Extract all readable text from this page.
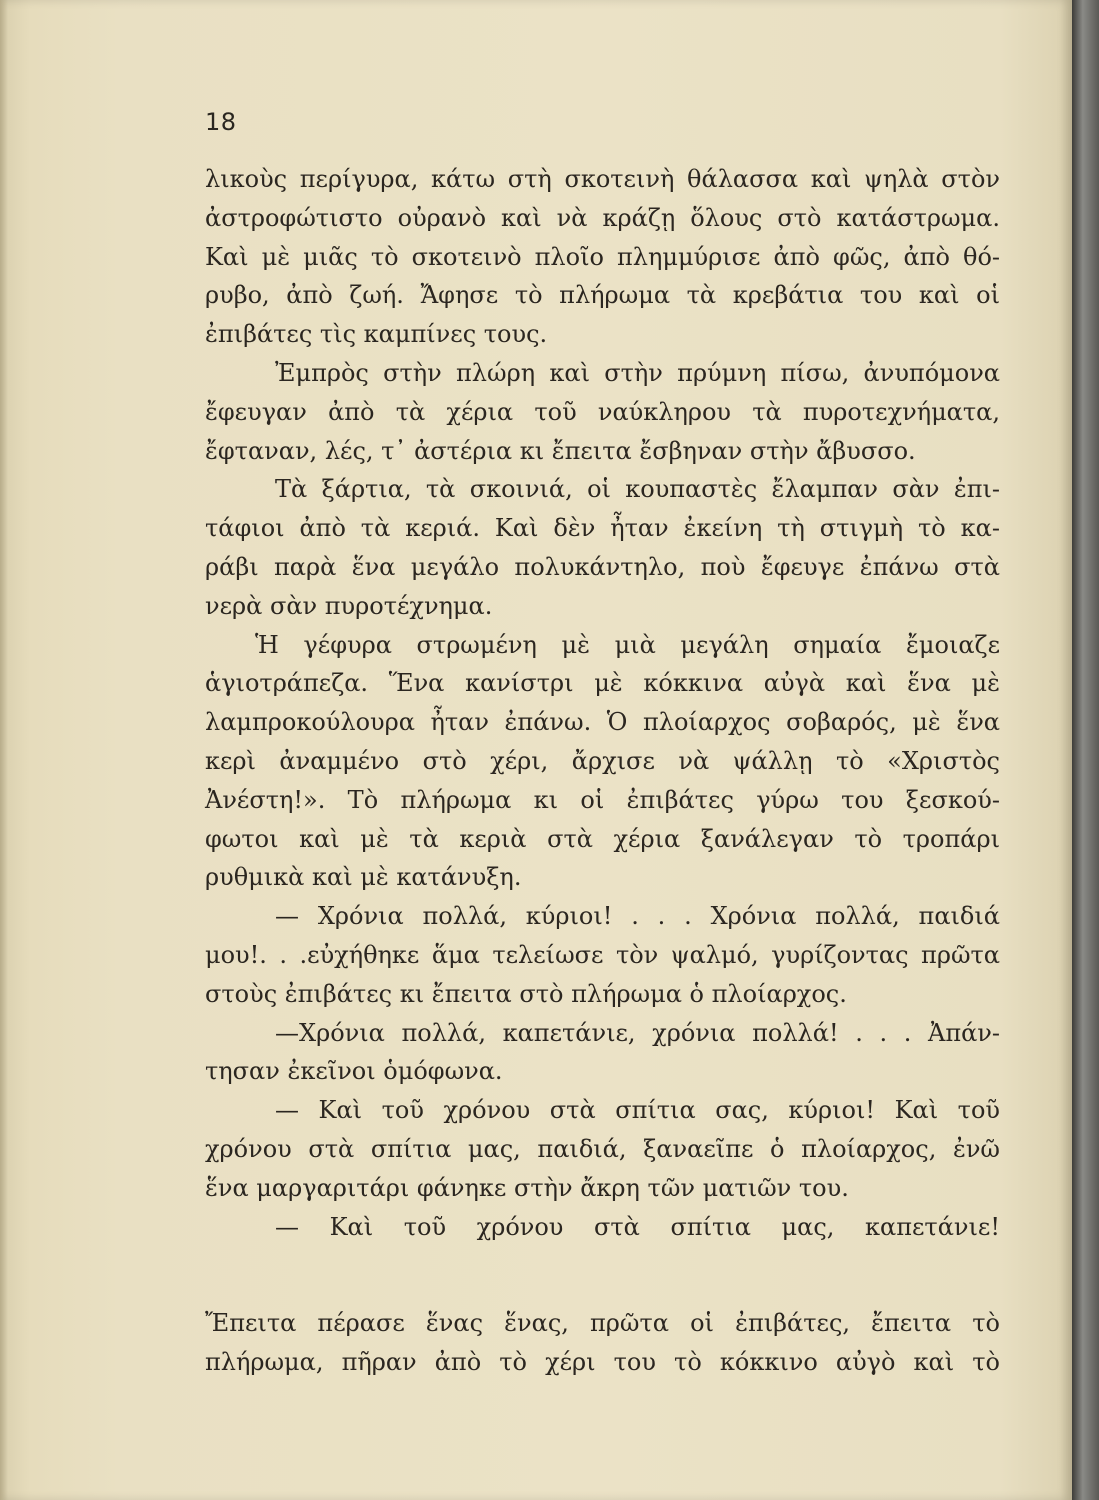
18
λικοὺς περίγυρα, κάτω στὴ σκοτεινὴ θάλασσα καὶ ψηλὰ στὸν
ἀστροφώτιστο οὐρανὸ καὶ νὰ κράζῃ ὅλους στὸ κατάστρωμα.
Καὶ μὲ μιᾶς τὸ σκοτεινὸ πλοῖο πλημμύρισε ἀπὸ φῶς, ἀπὸ θό-
ρυβο, ἀπὸ ζωή. Ἄφησε τὸ πλήρωμα τὰ κρεβάτια του καὶ οἱ
ἐπιβάτες τὶς καμπίνες τους.
Ἐμπρὸς στὴν πλώρη καὶ στὴν πρύμνη πίσω, ἀνυπόμονα
ἔφευγαν ἀπὸ τὰ χέρια τοῦ ναύκληρου τὰ πυροτεχνήματα,
ἔφταναν, λές, τ᾽ ἀστέρια κι ἔπειτα ἔσβηναν στὴν ἄβυσσο.
Τὰ ξάρτια, τὰ σκοινιά, οἱ κουπαστὲς ἔλαμπαν σὰν ἐπι-
τάφιοι ἀπὸ τὰ κεριά. Καὶ δὲν ἦταν ἐκείνη τὴ στιγμὴ τὸ κα-
ράβι παρὰ ἕνα μεγάλο πολυκάντηλο, ποὺ ἔφευγε ἐπάνω στὰ
νερὰ σὰν πυροτέχνημα.
Ἡ γέφυρα στρωμένη μὲ μιὰ μεγάλη σημαία ἔμοιαζε
ἁγιοτράπεζα. Ἕνα κανίστρι μὲ κόκκινα αὐγὰ καὶ ἕνα μὲ
λαμπροκούλουρα ἦταν ἐπάνω. Ὁ πλοίαρχος σοβαρός, μὲ ἕνα
κερὶ ἀναμμένο στὸ χέρι, ἄρχισε νὰ ψάλλῃ τὸ «Χριστὸς
Ἀνέστη!». Τὸ πλήρωμα κι οἱ ἐπιβάτες γύρω του ξεσκού-
φωτοι καὶ μὲ τὰ κεριὰ στὰ χέρια ξανάλεγαν τὸ τροπάρι
ρυθμικὰ καὶ μὲ κατάνυξη.
— Χρόνια πολλά, κύριοι! . . . Χρόνια πολλά, παιδιά
μου!. . .εὐχήθηκε ἅμα τελείωσε τὸν ψαλμό, γυρίζοντας πρῶτα
στοὺς ἐπιβάτες κι ἔπειτα στὸ πλήρωμα ὁ πλοίαρχος.
—Χρόνια πολλά, καπετάνιε, χρόνια πολλά! . . . Ἀπάν-
τησαν ἐκεῖνοι ὁμόφωνα.
— Καὶ τοῦ χρόνου στὰ σπίτια σας, κύριοι! Καὶ τοῦ
χρόνου στὰ σπίτια μας, παιδιά, ξαναεῖπε ὁ πλοίαρχος, ἐνῶ
ἕνα μαργαριτάρι φάνηκε στὴν ἄκρη τῶν ματιῶν του.
— Καὶ τοῦ χρόνου στὰ σπίτια μας, καπετάνιε!
Ἔπειτα πέρασε ἕνας ἕνας, πρῶτα οἱ ἐπιβάτες, ἔπειτα τὸ
πλήρωμα, πῆραν ἀπὸ τὸ χέρι του τὸ κόκκινο αὐγὸ καὶ τὸ
